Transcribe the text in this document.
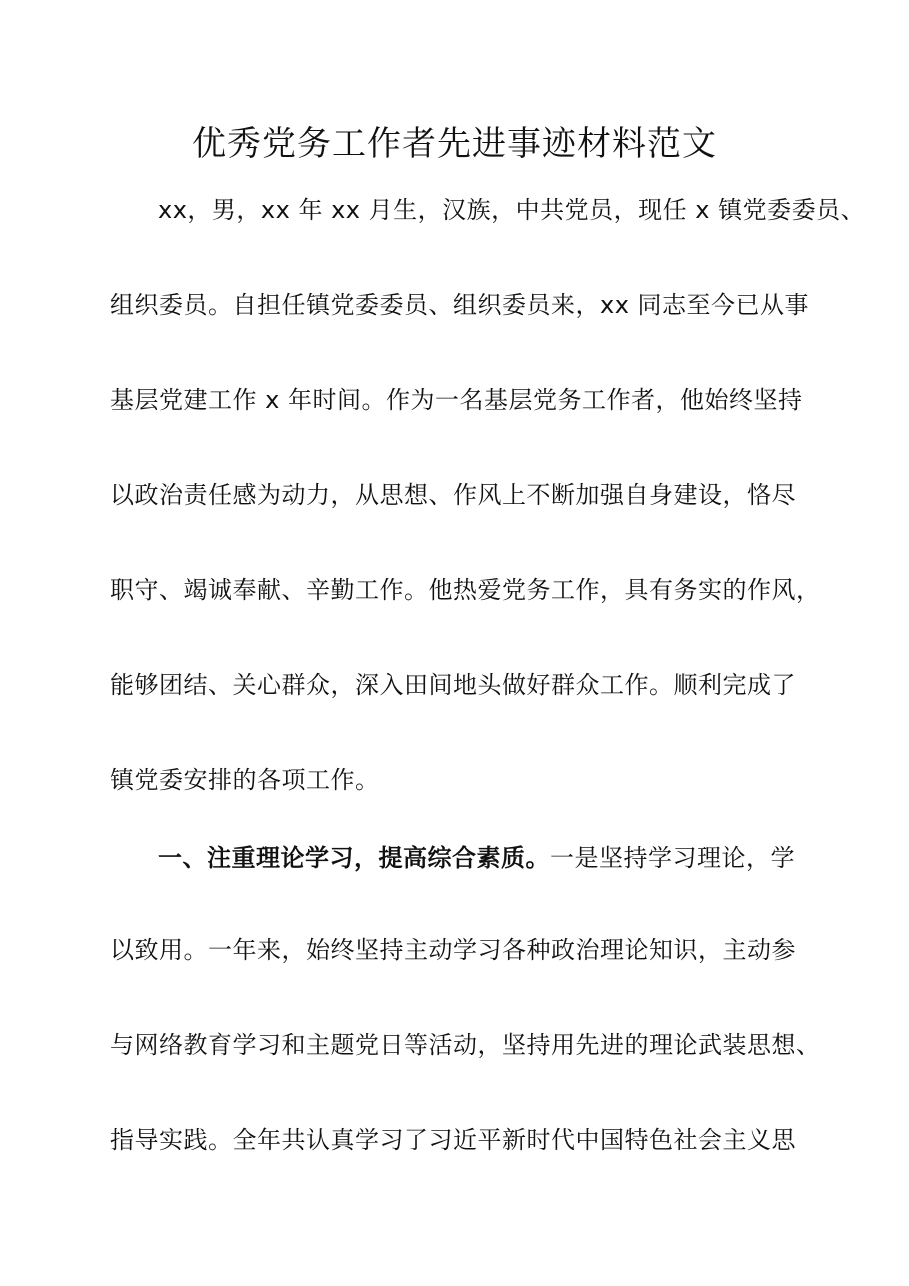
优秀党务工作者先进事迹材料范文
xx，男，xx 年 xx 月生，汉族，中共党员，现任 x 镇党委委员、
组织委员。自担任镇党委委员、组织委员来，xx 同志至今已从事
基层党建工作 x 年时间。作为一名基层党务工作者，他始终坚持
以政治责任感为动力，从思想、作风上不断加强自身建设，恪尽
职守、竭诚奉献、辛勤工作。他热爱党务工作，具有务实的作风，
能够团结、关心群众，深入田间地头做好群众工作。顺利完成了
镇党委安排的各项工作。
一、注重理论学习，提高综合素质。一是坚持学习理论，学
以致用。一年来，始终坚持主动学习各种政治理论知识，主动参
与网络教育学习和主题党日等活动，坚持用先进的理论武装思想、
指导实践。全年共认真学习了习近平新时代中国特色社会主义思
